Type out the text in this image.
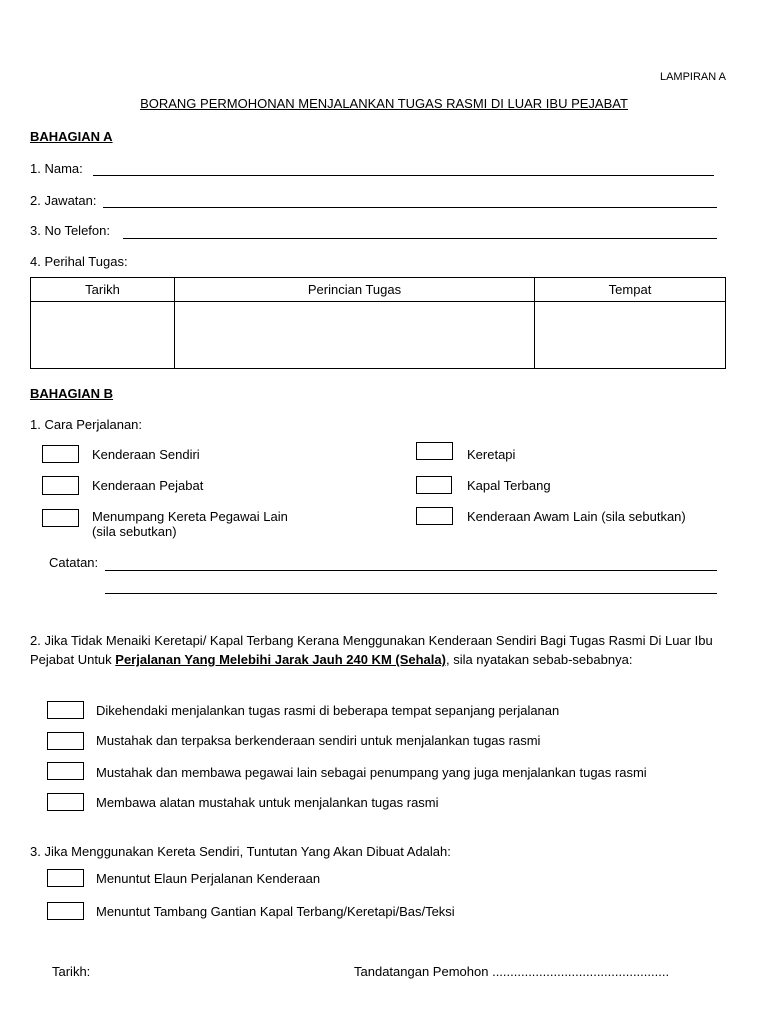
LAMPIRAN A
BORANG PERMOHONAN MENJALANKAN TUGAS RASMI DI LUAR IBU PEJABAT
BAHAGIAN A
1. Nama:
2. Jawatan:
3. No Telefon:
4. Perihal Tugas:
Tarikh	Perincian Tugas	Tempat

BAHAGIAN B
1. Cara Perjalanan:
Kenderaan Sendiri	Keretapi
Kenderaan Pejabat	Kapal Terbang
Menumpang Kereta Pegawai Lain
(sila sebutkan)
Kenderaan Awam Lain (sila sebutkan)
Catatan:
2. Jika Tidak Menaiki Keretapi/ Kapal Terbang Kerana Menggunakan Kenderaan Sendiri Bagi Tugas Rasmi Di Luar Ibu Pejabat Untuk Perjalanan Yang Melebihi Jarak Jauh 240 KM (Sehala), sila nyatakan sebab-sebabnya:
Dikehendaki menjalankan tugas rasmi di beberapa tempat sepanjang perjalanan
Mustahak dan terpaksa berkenderaan sendiri untuk menjalankan tugas rasmi
Mustahak dan membawa pegawai lain sebagai penumpang yang juga menjalankan tugas rasmi
Membawa alatan mustahak untuk menjalankan tugas rasmi
3. Jika Menggunakan Kereta Sendiri, Tuntutan Yang Akan Dibuat Adalah:
Menuntut Elaun Perjalanan Kenderaan
Menuntut Tambang Gantian Kapal Terbang/Keretapi/Bas/Teksi
Tarikh:	Tandatangan Pemohon .................................................
